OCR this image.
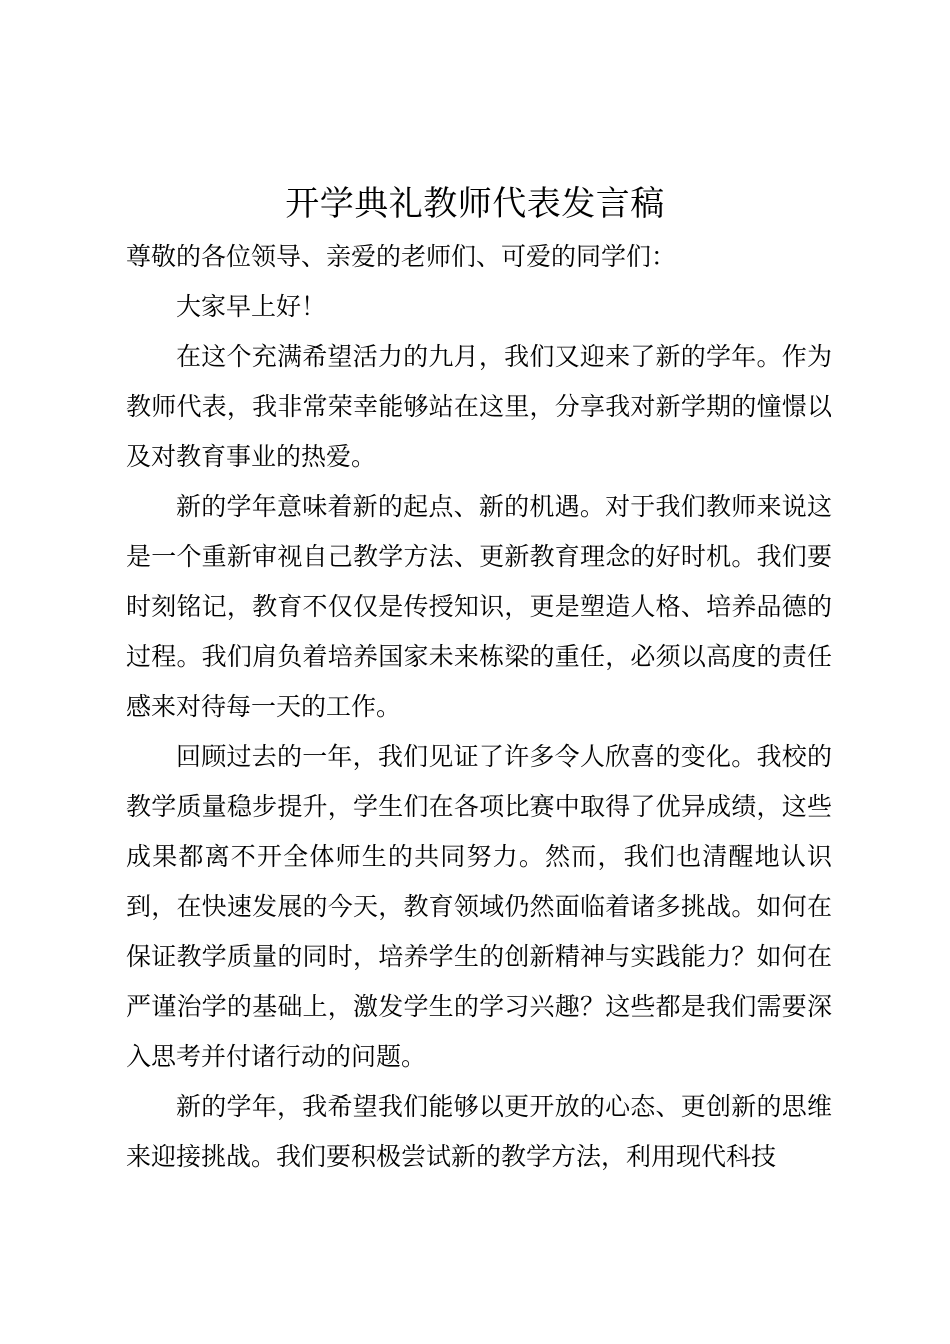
开学典礼教师代表发言稿

尊敬的各位领导、亲爱的老师们、可爱的同学们：

大家早上好！

在这个充满希望活力的九月，我们又迎来了新的学年。作为教师代表，我非常荣幸能够站在这里，分享我对新学期的憧憬以及对教育事业的热爱。

新的学年意味着新的起点、新的机遇。对于我们教师来说这是一个重新审视自己教学方法、更新教育理念的好时机。我们要时刻铭记，教育不仅仅是传授知识，更是塑造人格、培养品德的过程。我们肩负着培养国家未来栋梁的重任，必须以高度的责任感来对待每一天的工作。

回顾过去的一年，我们见证了许多令人欣喜的变化。我校的教学质量稳步提升，学生们在各项比赛中取得了优异成绩，这些成果都离不开全体师生的共同努力。然而，我们也清醒地认识到，在快速发展的今天，教育领域仍然面临着诸多挑战。如何在保证教学质量的同时，培养学生的创新精神与实践能力？如何在严谨治学的基础上，激发学生的学习兴趣？这些都是我们需要深入思考并付诸行动的问题。

新的学年，我希望我们能够以更开放的心态、更创新的思维来迎接挑战。我们要积极尝试新的教学方法，利用现代科技
